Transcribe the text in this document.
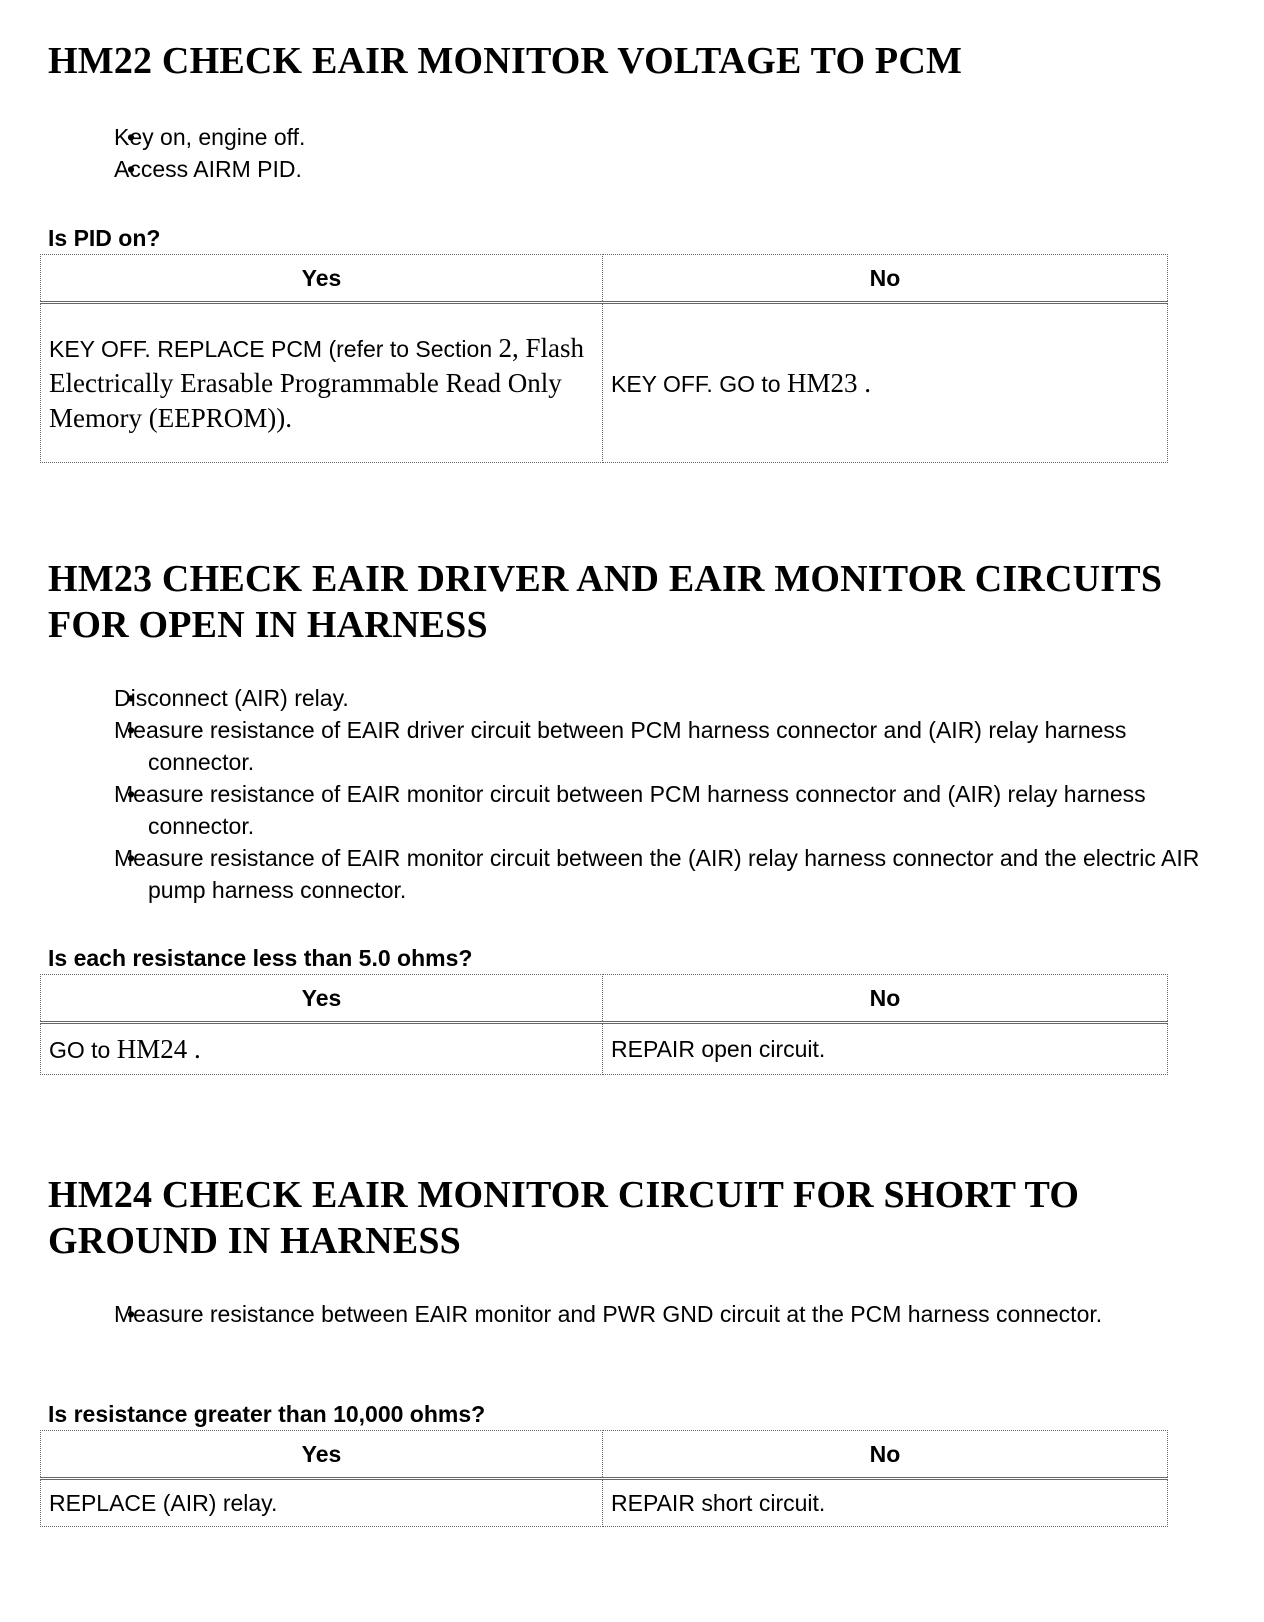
HM22 CHECK EAIR MONITOR VOLTAGE TO PCM
• Key on, engine off.
• Access AIRM PID.
Is PID on?
Yes	No
KEY OFF. REPLACE PCM (refer to Section 2, Flash Electrically Erasable Programmable Read Only Memory (EEPROM)).	KEY OFF. GO to HM23 .
HM23 CHECK EAIR DRIVER AND EAIR MONITOR CIRCUITS FOR OPEN IN HARNESS
• Disconnect (AIR) relay.
• Measure resistance of EAIR driver circuit between PCM harness connector and (AIR) relay harness connector.
• Measure resistance of EAIR monitor circuit between PCM harness connector and (AIR) relay harness connector.
• Measure resistance of EAIR monitor circuit between the (AIR) relay harness connector and the electric AIR pump harness connector.
Is each resistance less than 5.0 ohms?
Yes	No
GO to HM24 .	REPAIR open circuit.
HM24 CHECK EAIR MONITOR CIRCUIT FOR SHORT TO GROUND IN HARNESS
• Measure resistance between EAIR monitor and PWR GND circuit at the PCM harness connector.
Is resistance greater than 10,000 ohms?
Yes	No
REPLACE (AIR) relay.	REPAIR short circuit.
